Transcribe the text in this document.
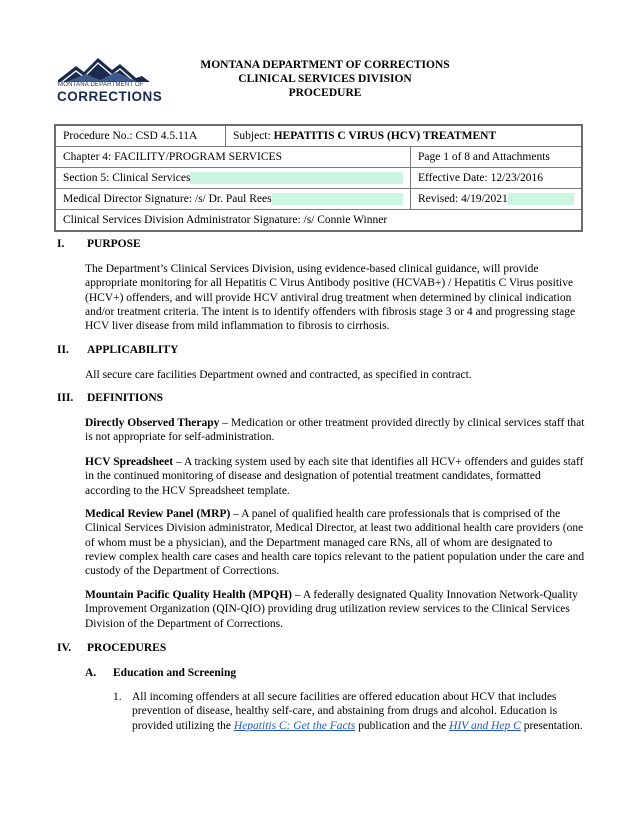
MONTANA DEPARTMENT OF
CORRECTIONS
MONTANA DEPARTMENT OF CORRECTIONS
CLINICAL SERVICES DIVISION
PROCEDURE
Procedure No.: CSD 4.5.11A	Subject: HEPATITIS C VIRUS (HCV) TREATMENT	
Chapter 4: FACILITY/PROGRAM SERVICES		Page 1 of 8 and Attachments

Section 5: Clinical Services		Effective Date: 12/23/2016

Medical Director Signature: /s/ Dr. Paul Rees		Revised: 4/19/2021

Clinical Services Division Administrator Signature: /s/ Connie Winner		
I. PURPOSE
The Department’s Clinical Services Division, using evidence-based clinical guidance, will provide appropriate monitoring for all Hepatitis C Virus Antibody positive (HCVAB+) / Hepatitis C Virus positive (HCV+) offenders, and will provide HCV antiviral drug treatment when determined by clinical indication and/or treatment criteria. The intent is to identify offenders with fibrosis stage 3 or 4 and progressing stage HCV liver disease from mild inflammation to fibrosis to cirrhosis.
II. APPLICABILITY
All secure care facilities Department owned and contracted, as specified in contract.
III. DEFINITIONS
Directly Observed Therapy – Medication or other treatment provided directly by clinical services staff that is not appropriate for self-administration.
HCV Spreadsheet – A tracking system used by each site that identifies all HCV+ offenders and guides staff in the continued monitoring of disease and designation of potential treatment candidates, formatted according to the HCV Spreadsheet template.
Medical Review Panel (MRP) – A panel of qualified health care professionals that is comprised of the Clinical Services Division administrator, Medical Director, at least two additional health care providers (one of whom must be a physician), and the Department managed care RNs, all of whom are designated to review complex health care cases and health care topics relevant to the patient population under the care and custody of the Department of Corrections.
Mountain Pacific Quality Health (MPQH) – A federally designated Quality Innovation Network-Quality Improvement Organization (QIN-QIO) providing drug utilization review services to the Clinical Services Division of the Department of Corrections.
IV. PROCEDURES
A. Education and Screening
1. All incoming offenders at all secure facilities are offered education about HCV that includes prevention of disease, healthy self-care, and abstaining from drugs and alcohol. Education is provided utilizing the Hepatitis C: Get the Facts publication and the HIV and Hep C presentation.
